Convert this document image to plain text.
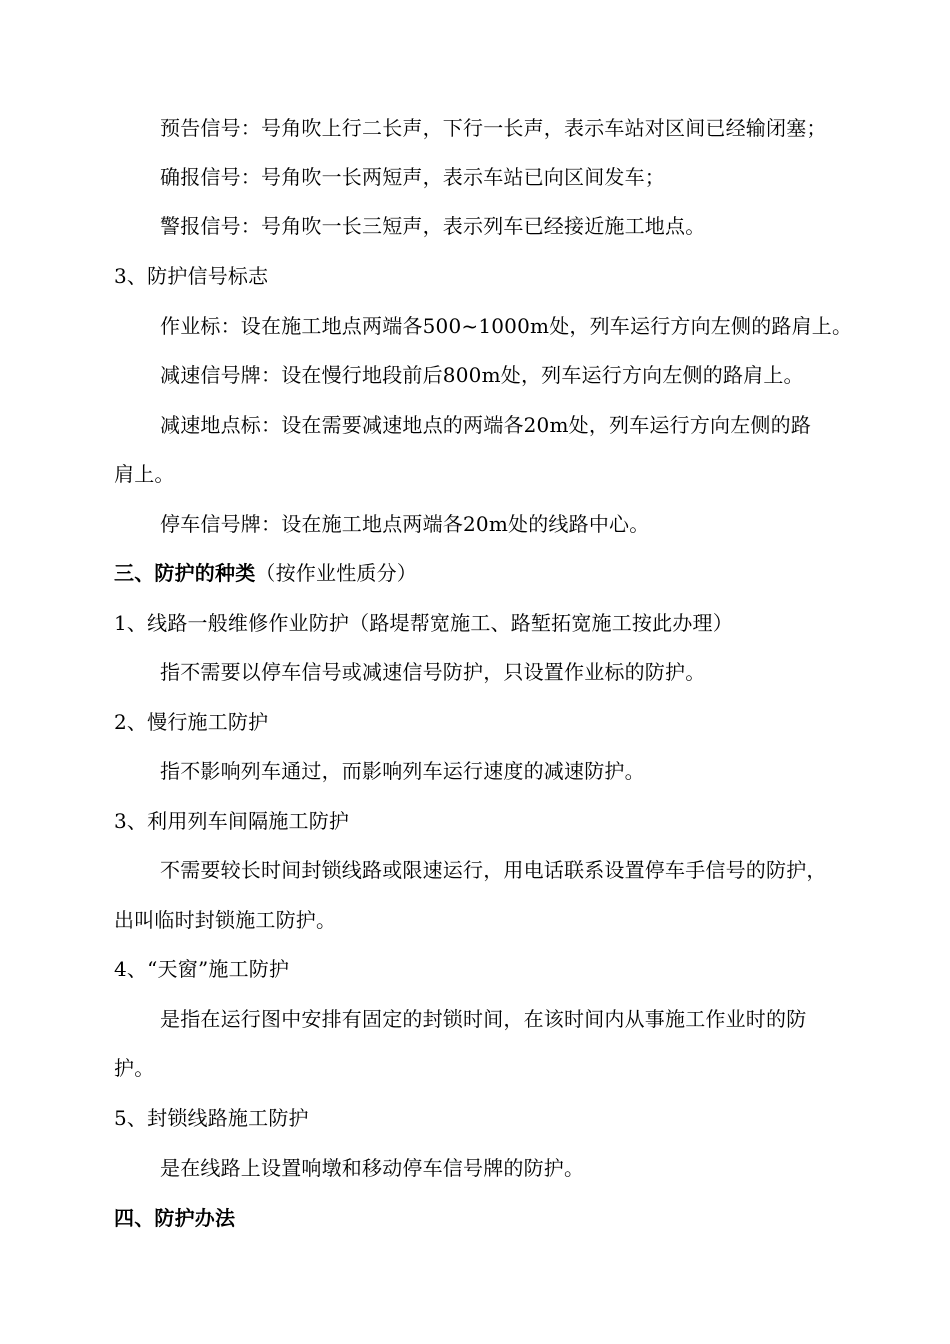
预告信号：号角吹上行二长声，下行一长声，表示车站对区间已经输闭塞；
确报信号：号角吹一长两短声，表示车站已向区间发车；
警报信号：号角吹一长三短声，表示列车已经接近施工地点。
3、防护信号标志
作业标：设在施工地点两端各500~1000m处，列车运行方向左侧的路肩上。
减速信号牌：设在慢行地段前后800m处，列车运行方向左侧的路肩上。
减速地点标：设在需要减速地点的两端各20m处，列车运行方向左侧的路
肩上。
停车信号牌：设在施工地点两端各20m处的线路中心。
三、防护的种类（按作业性质分）
1、线路一般维修作业防护（路堤帮宽施工、路堑拓宽施工按此办理）
指不需要以停车信号或减速信号防护，只设置作业标的防护。
2、慢行施工防护
指不影响列车通过，而影响列车运行速度的减速防护。
3、利用列车间隔施工防护
不需要较长时间封锁线路或限速运行，用电话联系设置停车手信号的防护，
出叫临时封锁施工防护。
4、“天窗”施工防护
是指在运行图中安排有固定的封锁时间，在该时间内从事施工作业时的防
护。
5、封锁线路施工防护
是在线路上设置响墩和移动停车信号牌的防护。
四、防护办法
